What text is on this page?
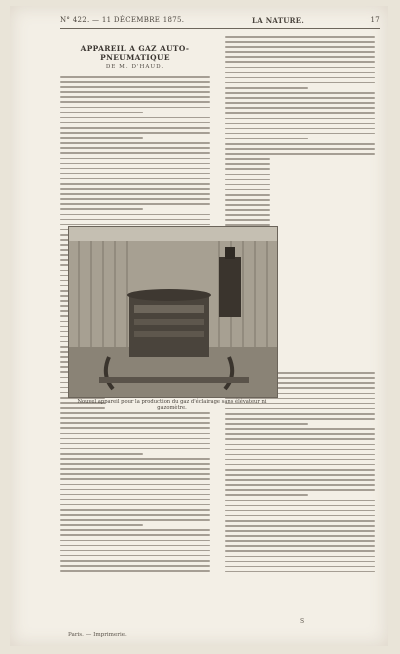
N° 422. — 11 DÉCEMBRE 1875.	LA NATURE.	17
APPAREIL A GAZ AUTO-PNEUMATIQUE
DE M. D'HAUD.
Nouvel appareil pour la production du gaz d'éclairage sans élévateur ni gazomètre.
S
Paris. — Imprimerie.
